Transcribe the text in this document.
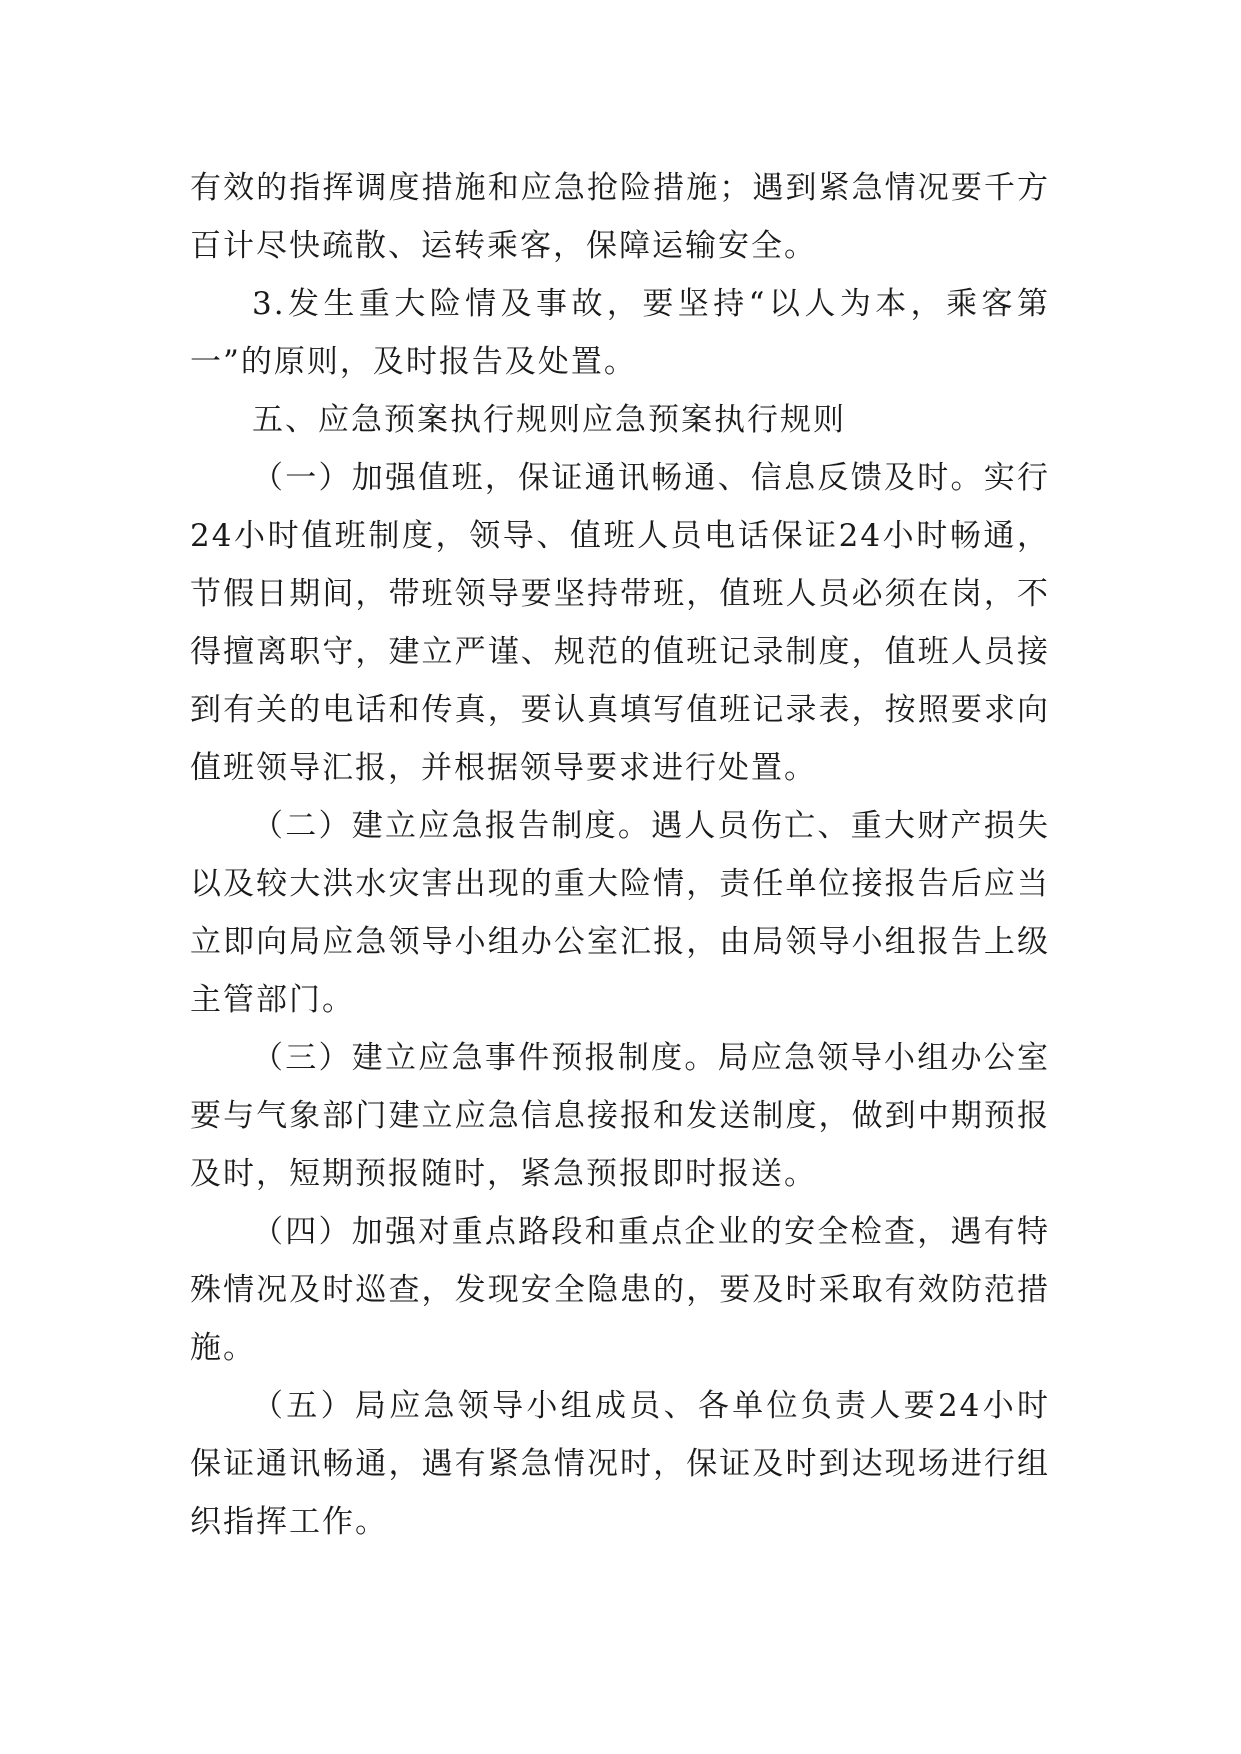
有效的指挥调度措施和应急抢险措施；遇到紧急情况要千方百计尽快疏散、运转乘客，保障运输安全。

3.发生重大险情及事故，要坚持“以人为本，乘客第一”的原则，及时报告及处置。

五、应急预案执行规则应急预案执行规则

（一）加强值班，保证通讯畅通、信息反馈及时。实行24小时值班制度，领导、值班人员电话保证24小时畅通，节假日期间，带班领导要坚持带班，值班人员必须在岗，不得擅离职守，建立严谨、规范的值班记录制度，值班人员接到有关的电话和传真，要认真填写值班记录表，按照要求向值班领导汇报，并根据领导要求进行处置。

（二）建立应急报告制度。遇人员伤亡、重大财产损失以及较大洪水灾害出现的重大险情，责任单位接报告后应当立即向局应急领导小组办公室汇报，由局领导小组报告上级主管部门。

（三）建立应急事件预报制度。局应急领导小组办公室要与气象部门建立应急信息接报和发送制度，做到中期预报及时，短期预报随时，紧急预报即时报送。

（四）加强对重点路段和重点企业的安全检查，遇有特殊情况及时巡查，发现安全隐患的，要及时采取有效防范措施。

（五）局应急领导小组成员、各单位负责人要24小时保证通讯畅通，遇有紧急情况时，保证及时到达现场进行组织指挥工作。
